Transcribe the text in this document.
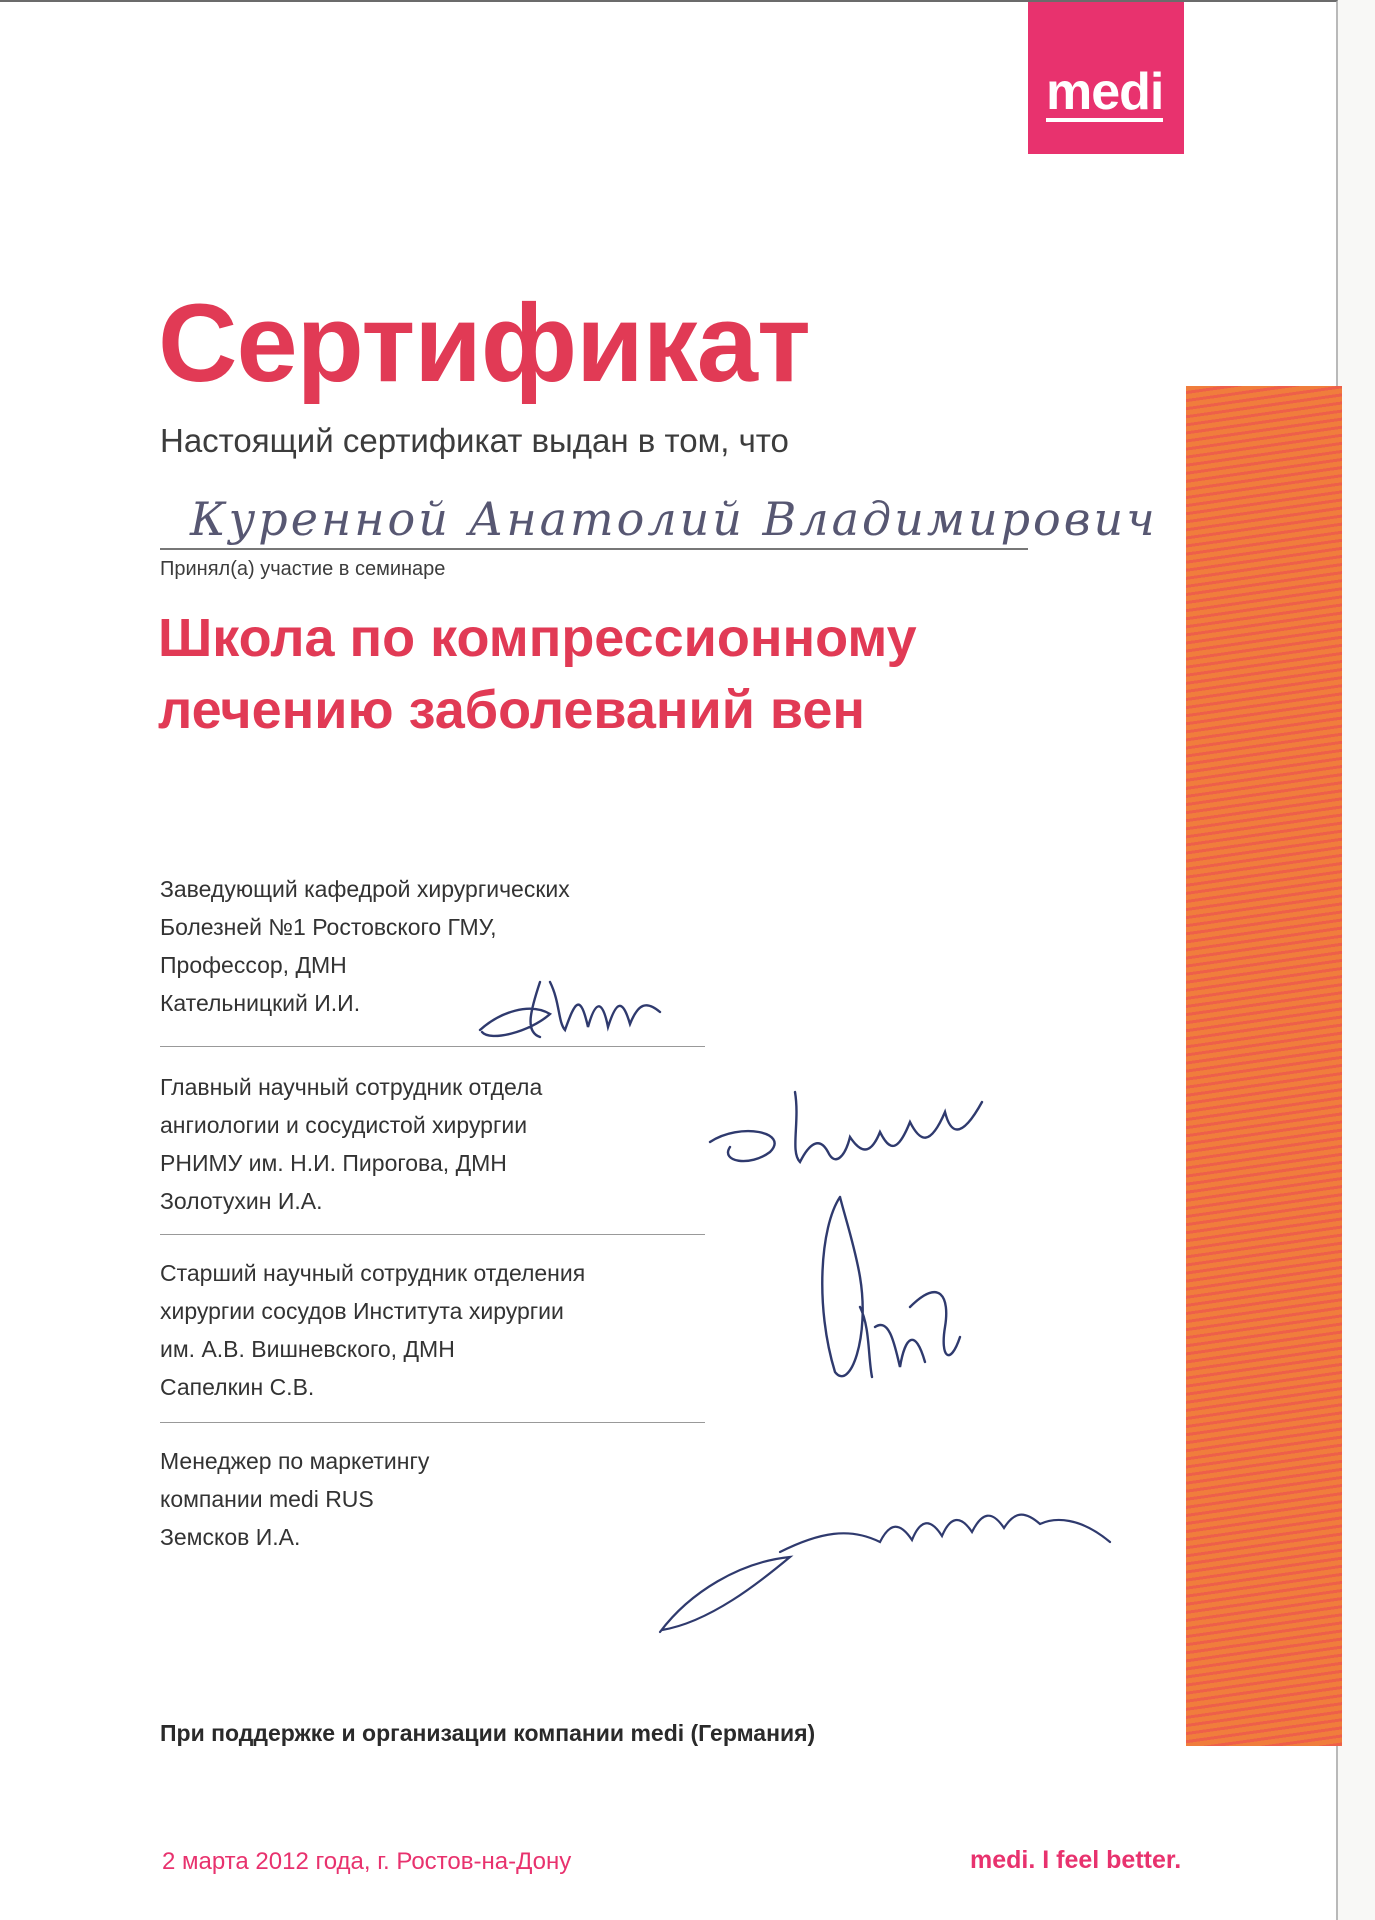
medi
Сертификат
Настоящий сертификат выдан в том, что
Куренной Анатолий Владимирович
Принял(а) участие в семинаре
Школа по компрессионному
лечению заболеваний вен
Заведующий кафедрой хирургических
Болезней №1 Ростовского ГМУ,
Профессор, ДМН
Кательницкий И.И.
Главный научный сотрудник отдела
ангиологии и сосудистой хирургии
РНИМУ им. Н.И. Пирогова, ДМН
Золотухин И.А.
Старший научный сотрудник отделения
хирургии сосудов Института хирургии
им. А.В. Вишневского, ДМН
Сапелкин С.В.
Менеджер по маркетингу
компании medi RUS
Земсков И.А.
При поддержке и организации компании medi (Германия)
2 марта 2012 года, г. Ростов-на-Дону	medi. I feel better.
